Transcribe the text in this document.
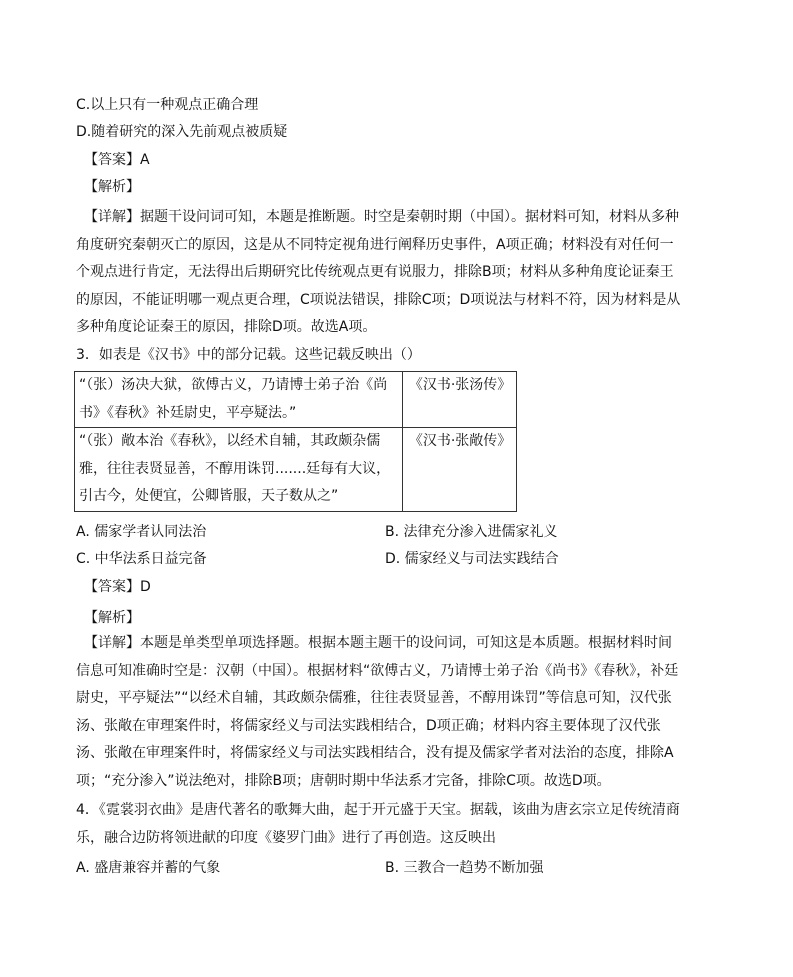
C.以上只有一种观点正确合理
D.随着研究的深入先前观点被质疑
【答案】A
【解析】

【详解】据题干设问词可知，本题是推断题。时空是秦朝时期（中国）。据材料可知，材料从多种角度研究秦朝灭亡的原因，这是从不同特定视角进行阐释历史事件，A项正确；材料没有对任何一个观点进行肯定，无法得出后期研究比传统观点更有说服力，排除B项；材料从多种角度论证秦王的原因，不能证明哪一观点更合理，C项说法错误，排除C项；D项说法与材料不符，因为材料是从多种角度论证秦王的原因，排除D项。故选A项。

3．如表是《汉书》中的部分记载。这些记载反映出（）
“（张）汤决大狱，欲傅古义，乃请博士弟子治《尚书》《春秋》补廷尉史，平亭疑法。”	《汉书·张汤传》
“（张）敞本治《春秋》，以经术自辅，其政颇杂儒雅，往往表贤显善，不醇用诛罚.......廷每有大议，引古今，处便宜，公卿皆服，天子数从之”	《汉书·张敞传》
A. 儒家学者认同法治	B. 法律充分渗入进儒家礼义
C. 中华法系日益完备	D. 儒家经义与司法实践结合
【答案】D
【解析】

【详解】本题是单类型单项选择题。根据本题主题干的设问词，可知这是本质题。根据材料时间信息可知准确时空是：汉朝（中国）。根据材料“欲傅古义，乃请博士弟子治《尚书》《春秋》，补廷尉史，平亭疑法”“以经术自辅，其政颇杂儒雅，往往表贤显善，不醇用诛罚”等信息可知，汉代张汤、张敞在审理案件时，将儒家经义与司法实践相结合，D项正确；材料内容主要体现了汉代张汤、张敞在审理案件时，将儒家经义与司法实践相结合，没有提及儒家学者对法治的态度，排除A项；“充分渗入”说法绝对，排除B项；唐朝时期中华法系才完备，排除C项。故选D项。

4．《霓裳羽衣曲》是唐代著名的歌舞大曲，起于开元盛于天宝。据载，该曲为唐玄宗立足传统清商乐，融合边防将领进献的印度《婆罗门曲》进行了再创造。这反映出

A. 盛唐兼容并蓄的气象	B. 三教合一趋势不断加强
